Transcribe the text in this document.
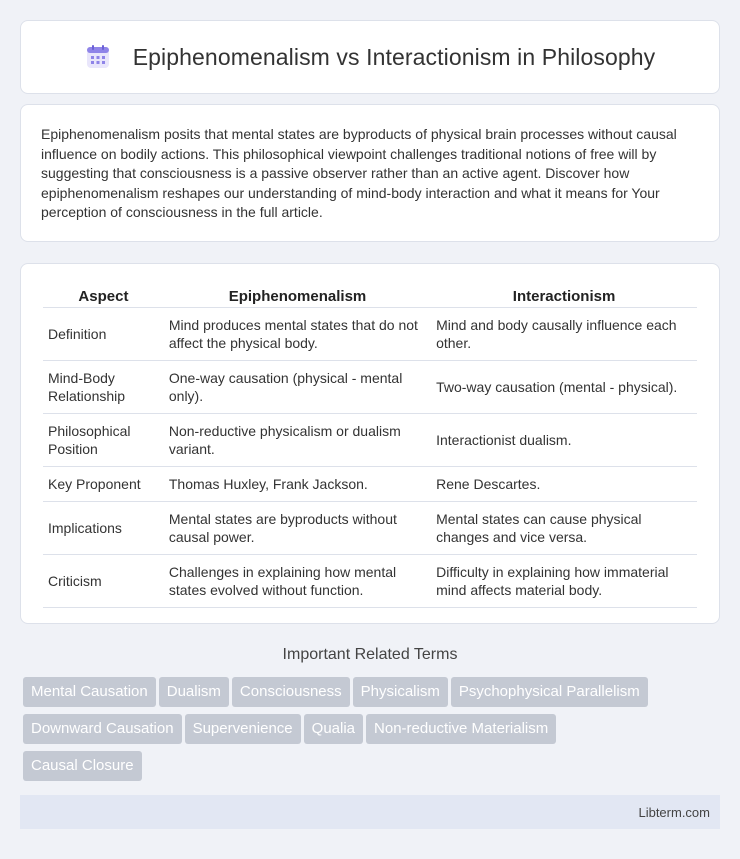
Epiphenomenalism vs Interactionism in Philosophy

Epiphenomenalism posits that mental states are byproducts of physical brain processes without causal influence on bodily actions. This philosophical viewpoint challenges traditional notions of free will by suggesting that consciousness is a passive observer rather than an active agent. Discover how epiphenomenalism reshapes our understanding of mind-body interaction and what it means for Your perception of consciousness in the full article.

Aspect	Epiphenomenalism	Interactionism
Definition	Mind produces mental states that do not affect the physical body.	Mind and body causally influence each other.
Mind-Body Relationship	One-way causation (physical - mental only).	Two-way causation (mental - physical).
Philosophical Position	Non-reductive physicalism or dualism variant.	Interactionist dualism.
Key Proponent	Thomas Huxley, Frank Jackson.	Rene Descartes.
Implications	Mental states are byproducts without causal power.	Mental states can cause physical changes and vice versa.
Criticism	Challenges in explaining how mental states evolved without function.	Difficulty in explaining how immaterial mind affects material body.
Important Related Terms
Mental Causation Dualism Consciousness Physicalism Psychophysical Parallelism
Downward Causation Supervenience Qualia Non-reductive Materialism
Causal Closure
Libterm.com
